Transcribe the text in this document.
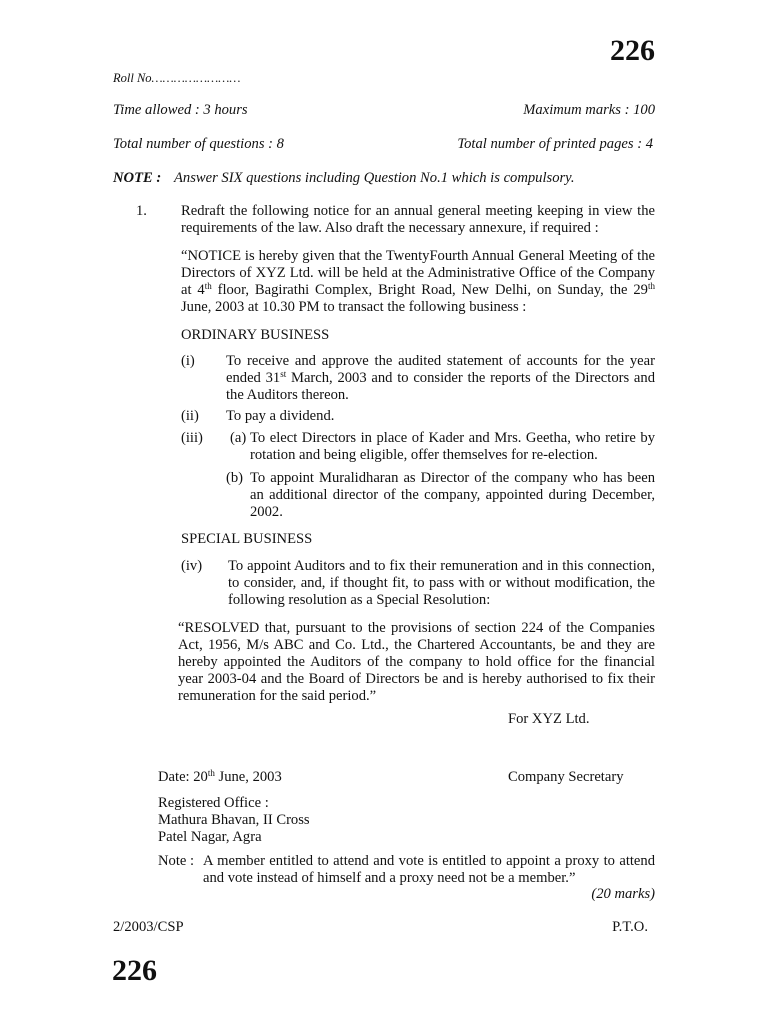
226
Roll No……………………
Time allowed : 3 hours	Maximum marks : 100
Total number of questions : 8	Total number of printed pages : 4
NOTE : Answer SIX questions including Question No.1 which is compulsory.
1. Redraft the following notice for an annual general meeting keeping in view the requirements of the law. Also draft the necessary annexure, if required :
“NOTICE is hereby given that the TwentyFourth Annual General Meeting of the Directors of XYZ Ltd. will be held at the Administrative Office of the Company at 4th floor, Bagirathi Complex, Bright Road, New Delhi, on Sunday, the 29th June, 2003 at 10.30 PM to transact the following business :
ORDINARY BUSINESS
(i) To receive and approve the audited statement of accounts for the year ended 31st March, 2003 and to consider the reports of the Directors and the Auditors thereon.
(ii) To pay a dividend.
(iii) (a) To elect Directors in place of Kader and Mrs. Geetha, who retire by rotation and being eligible, offer themselves for re-election.
(b) To appoint Muralidharan as Director of the company who has been an additional director of the company, appointed during December, 2002.
SPECIAL BUSINESS
(iv) To appoint Auditors and to fix their remuneration and in this connection, to consider, and, if thought fit, to pass with or without modification, the following resolution as a Special Resolution:
“RESOLVED that, pursuant to the provisions of section 224 of the Companies Act, 1956, M/s ABC and Co. Ltd., the Chartered Accountants, be and they are hereby appointed the Auditors of the company to hold office for the financial year 2003-04 and the Board of Directors be and is hereby authorised to fix their remuneration for the said period.”
For XYZ Ltd.
Date: 20th June, 2003	Company Secretary
Registered Office :
Mathura Bhavan, II Cross
Patel Nagar, Agra
Note : A member entitled to attend and vote is entitled to appoint a proxy to attend and vote instead of himself and a proxy need not be a member.”
(20 marks)
2/2003/CSP	P.T.O.
226
